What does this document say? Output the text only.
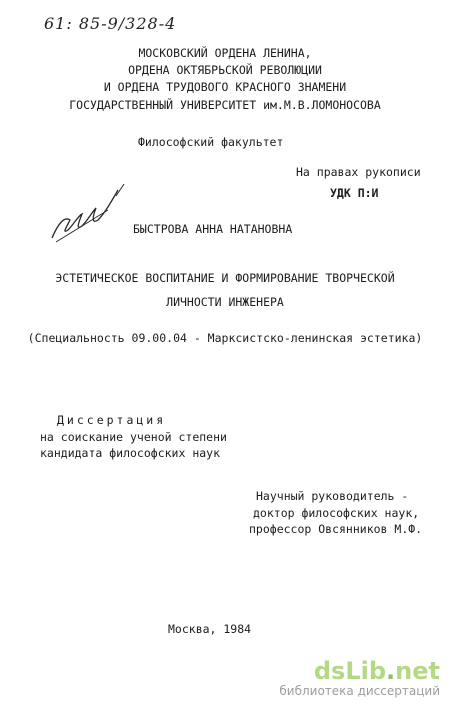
61: 85-9/328-4
МОСКОВСКИЙ ОРДЕНА ЛЕНИНА,
ОРДЕНА ОКТЯБРЬСКОЙ РЕВОЛЮЦИИ
И ОРДЕНА ТРУДОВОГО КРАСНОГО ЗНАМЕНИ
ГОСУДАРСТВЕННЫЙ УНИВЕРСИТЕТ им.М.В.ЛОМОНОСОВА
Философский факультет
На правах рукописи
УДК П:И
БЫСТРОВА АННА НАТАНОВНА
ЭСТЕТИЧЕСКОЕ ВОСПИТАНИЕ И ФОРМИРОВАНИЕ ТВОРЧЕСКОЙ
ЛИЧНОСТИ ИНЖЕНЕРА
(Специальность 09.00.04 - Марксистско-ленинская эстетика)
Диссертация
на соискание ученой степени
кандидата философских наук
Научный руководитель -
доктор философских наук,
профессор Овсянников М.Ф.
Москва, 1984
dsLib.net
библиотека диссертаций
